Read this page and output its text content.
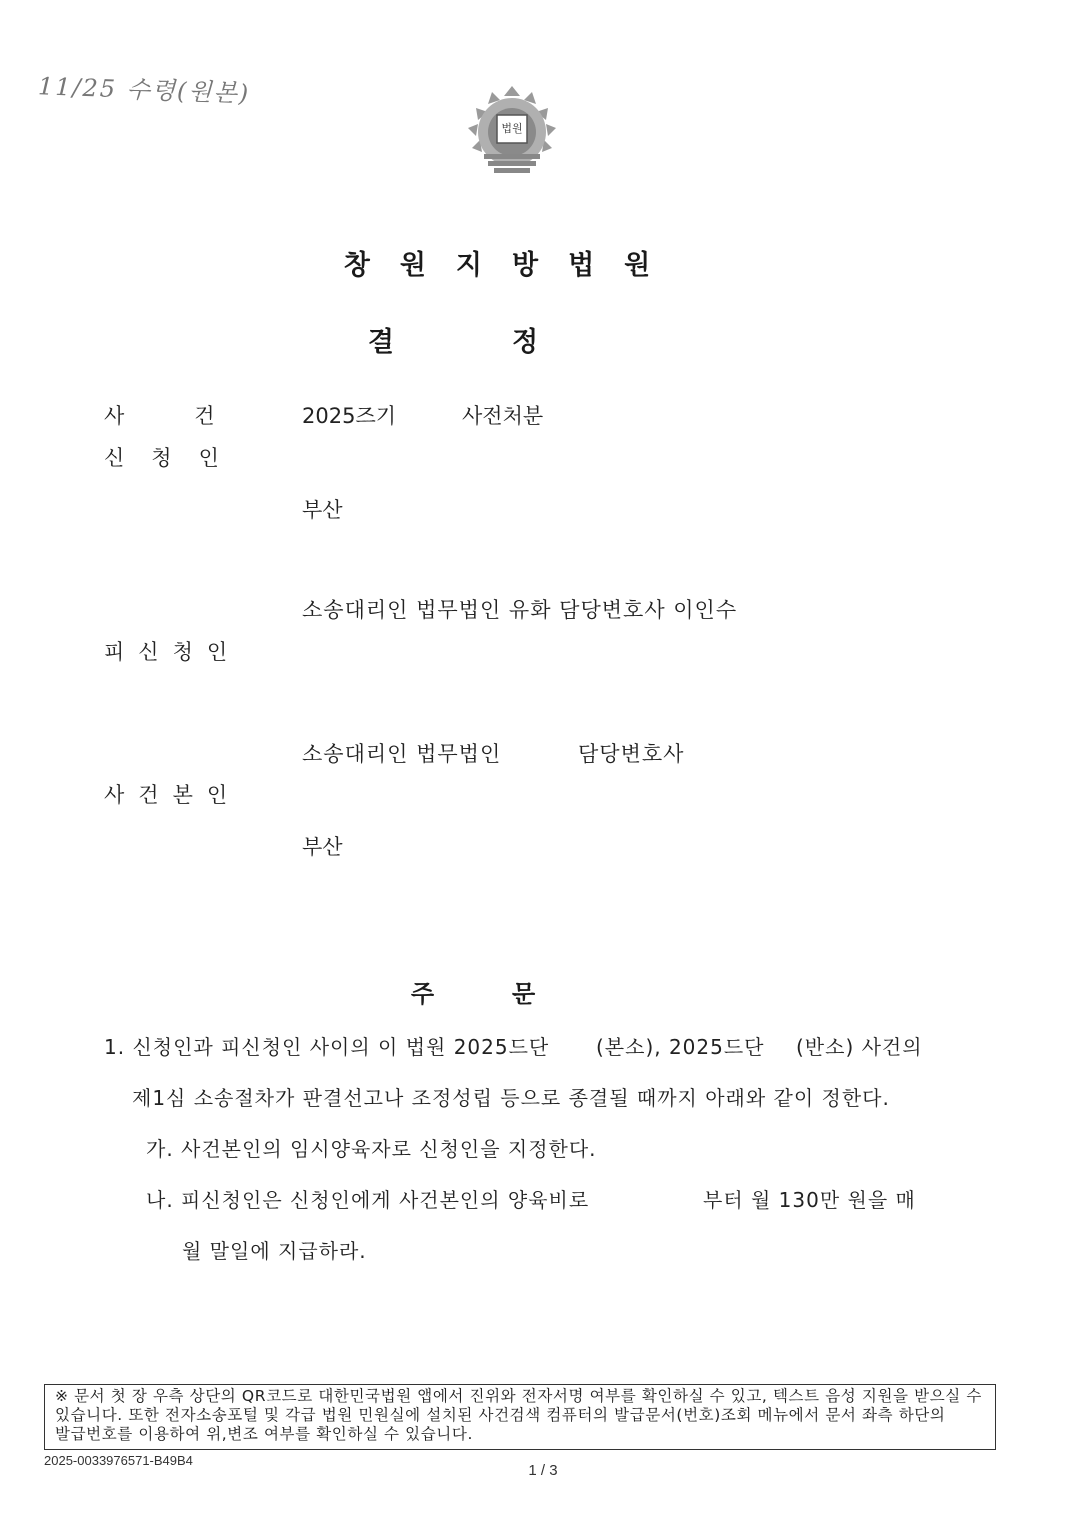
11/25 수령(원본)
법원
창원지방법원
결정
사건 2025즈기	사전처분
신청인
부산
소송대리인 법무법인 유화 담당변호사 이인수
피신청인
소송대리인 법무법인	담당변호사
사건본인
부산
주문
1. 신청인과 피신청인 사이의 이 법원 2025드단 (본소), 2025드단 (반소) 사건의
제1심 소송절차가 판결선고나 조정성립 등으로 종결될 때까지 아래와 같이 정한다.
가. 사건본인의 임시양육자로 신청인을 지정한다.
나. 피신청인은 신청인에게 사건본인의 양육비로	부터 월 130만 원을 매
월 말일에 지급하라.
※ 문서 첫 장 우측 상단의 QR코드로 대한민국법원 앱에서 진위와 전자서명 여부를 확인하실 수 있고, 텍스트 음성 지원을 받으실 수 있습니다. 또한 전자소송포털 및 각급 법원 민원실에 설치된 사건검색 컴퓨터의 발급문서(번호)조회 메뉴에서 문서 좌측 하단의 발급번호를 이용하여 위,변조 여부를 확인하실 수 있습니다.
2025-0033976571-B49B4
1 / 3
